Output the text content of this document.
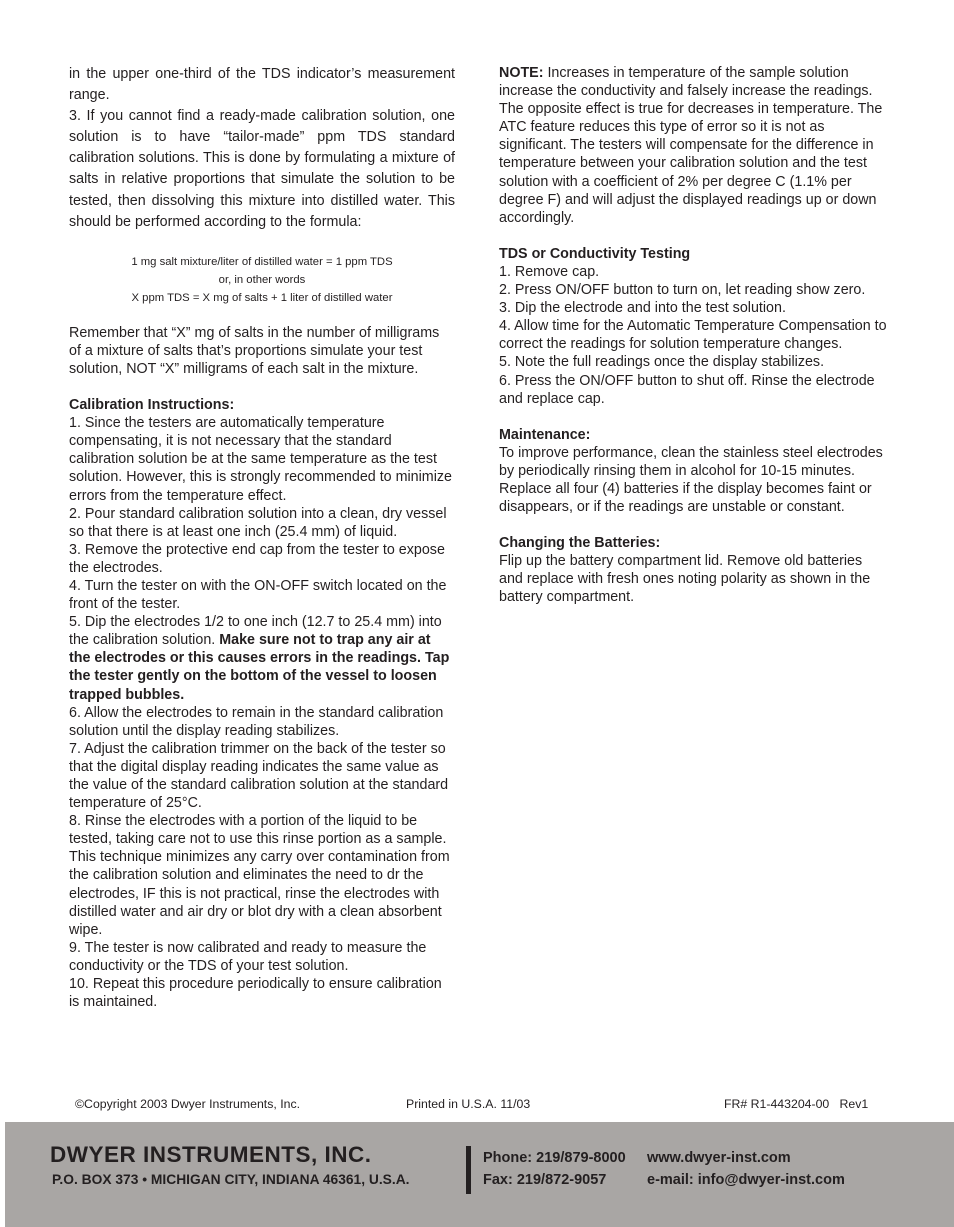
in the upper one-third of the TDS indicator’s measurement range.

3. If you cannot find a ready-made calibration solution, one solution is to have “tailor-made” ppm TDS standard calibration solutions. This is done by formulating a mixture of salts in relative proportions that simulate the solution to be tested, then dissolving this mixture into distilled water. This should be performed according to the formula:

1 mg salt mixture/liter of distilled water = 1 ppm TDS
or, in other words
X ppm TDS = X mg of salts + 1 liter of distilled water

Remember that “X” mg of salts in the number of milligrams of a mixture of salts that’s proportions simulate your test solution, NOT “X” milligrams of each salt in the mixture.

Calibration Instructions:

1. Since the testers are automatically temperature compensating, it is not necessary that the standard calibration solution be at the same temperature as the test solution. However, this is strongly recommended to minimize errors from the temperature effect.

2. Pour standard calibration solution into a clean, dry vessel so that there is at least one inch (25.4 mm) of liquid.

3. Remove the protective end cap from the tester to expose the electrodes.

4. Turn the tester on with the ON-OFF switch located on the front of the tester.

5. Dip the electrodes 1/2 to one inch (12.7 to 25.4 mm) into the calibration solution. Make sure not to trap any air at the electrodes or this causes errors in the readings. Tap the tester gently on the bottom of the vessel to loosen trapped bubbles.

6. Allow the electrodes to remain in the standard calibration solution until the display reading stabilizes.

7. Adjust the calibration trimmer on the back of the tester so that the digital display reading indicates the same value as the value of the standard calibration solution at the standard temperature of 25°C.

8. Rinse the electrodes with a portion of the liquid to be tested, taking care not to use this rinse portion as a sample. This technique minimizes any carry over contamination from the calibration solution and eliminates the need to dr the electrodes, IF this is not practical, rinse the electrodes with distilled water and air dry or blot dry with a clean absorbent wipe.

9. The tester is now calibrated and ready to measure the conductivity or the TDS of your test solution.

10. Repeat this procedure periodically to ensure calibration is maintained.

NOTE: Increases in temperature of the sample solution increase the conductivity and falsely increase the readings. The opposite effect is true for decreases in temperature. The ATC feature reduces this type of error so it is not as significant. The testers will compensate for the difference in temperature between your calibration solution and the test solution with a coefficient of 2% per degree C (1.1% per degree F) and will adjust the displayed readings up or down accordingly.

TDS or Conductivity Testing

1. Remove cap.

2. Press ON/OFF button to turn on, let reading show zero.

3. Dip the electrode and into the test solution.

4. Allow time for the Automatic Temperature Compensation to correct the readings for solution temperature changes.

5. Note the full readings once the display stabilizes.

6. Press the ON/OFF button to shut off. Rinse the electrode and replace cap.

Maintenance:

To improve performance, clean the stainless steel electrodes by periodically rinsing them in alcohol for 10-15 minutes. Replace all four (4) batteries if the display becomes faint or disappears, or if the readings are unstable or constant.

Changing the Batteries:

Flip up the battery compartment lid. Remove old batteries and replace with fresh ones noting polarity as shown in the battery compartment.

©Copyright 2003 Dwyer Instruments, Inc.	Printed in U.S.A. 11/03	FR# R1-443204-00   Rev1
DWYER INSTRUMENTS, INC.
P.O. BOX 373 • MICHIGAN CITY, INDIANA 46361, U.S.A.
Phone: 219/879-8000
Fax: 219/872-9057
www.dwyer-inst.com
e-mail: info@dwyer-inst.com
